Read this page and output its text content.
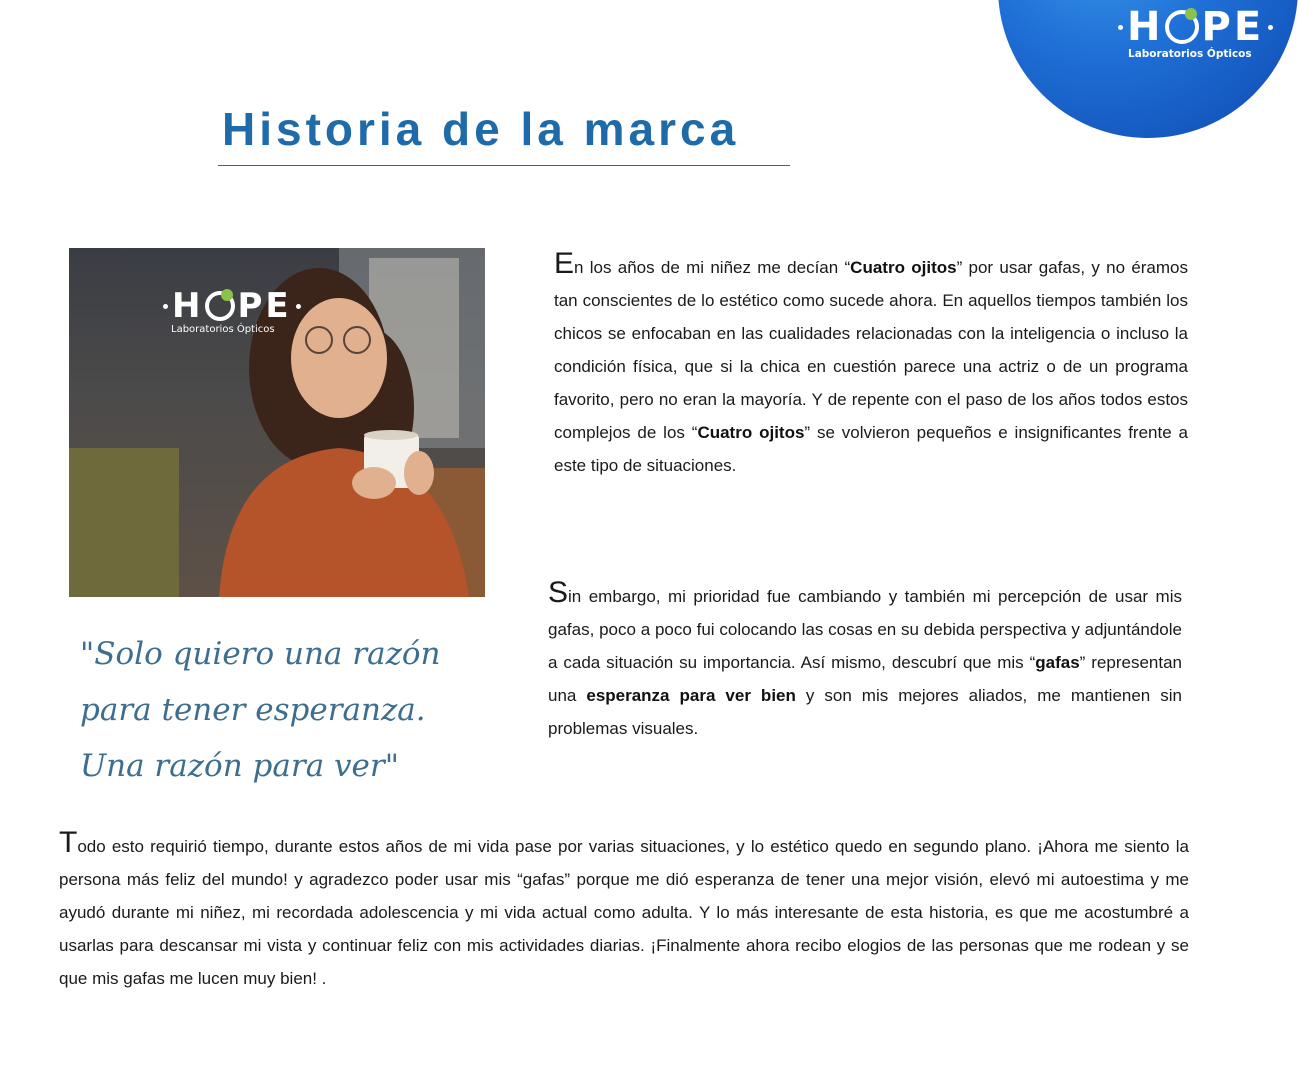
H P E
Laboratorios Ópticos
Historia de la marca
H P E
Laboratorios Ópticos

"Solo quiero una razón para tener esperanza. Una razón para ver"

En los años de mi niñez me decían “Cuatro ojitos” por usar gafas, y no éramos tan conscientes de lo estético como sucede ahora. En aquellos tiempos también los chicos se enfocaban en las cualidades relacionadas con la inteligencia o incluso la condición física, que si la chica en cuestión parece una actriz o de un programa favorito, pero no eran la mayoría. Y de repente con el paso de los años todos estos complejos de los “Cuatro ojitos” se volvieron pequeños e insignificantes frente a este tipo de situaciones.

Sin embargo, mi prioridad fue cambiando y también mi percepción de usar mis gafas, poco a poco fui colocando las cosas en su debida perspectiva y adjuntándole a cada situación su importancia. Así mismo, descubrí que mis “gafas” representan una esperanza para ver bien y son mis mejores aliados, me mantienen sin problemas visuales.

Todo esto requirió tiempo, durante estos años de mi vida pase por varias situaciones, y lo estético quedo en segundo plano. ¡Ahora me siento la persona más feliz del mundo! y agradezco poder usar mis “gafas” porque me dió esperanza de tener una mejor visión, elevó mi autoestima y me ayudó durante mi niñez, mi recordada adolescencia y mi vida actual como adulta. Y lo más interesante de esta historia, es que me acostumbré a usarlas para descansar mi vista y continuar feliz con mis actividades diarias. ¡Finalmente ahora recibo elogios de las personas que me rodean y se que mis gafas me lucen muy bien! .
